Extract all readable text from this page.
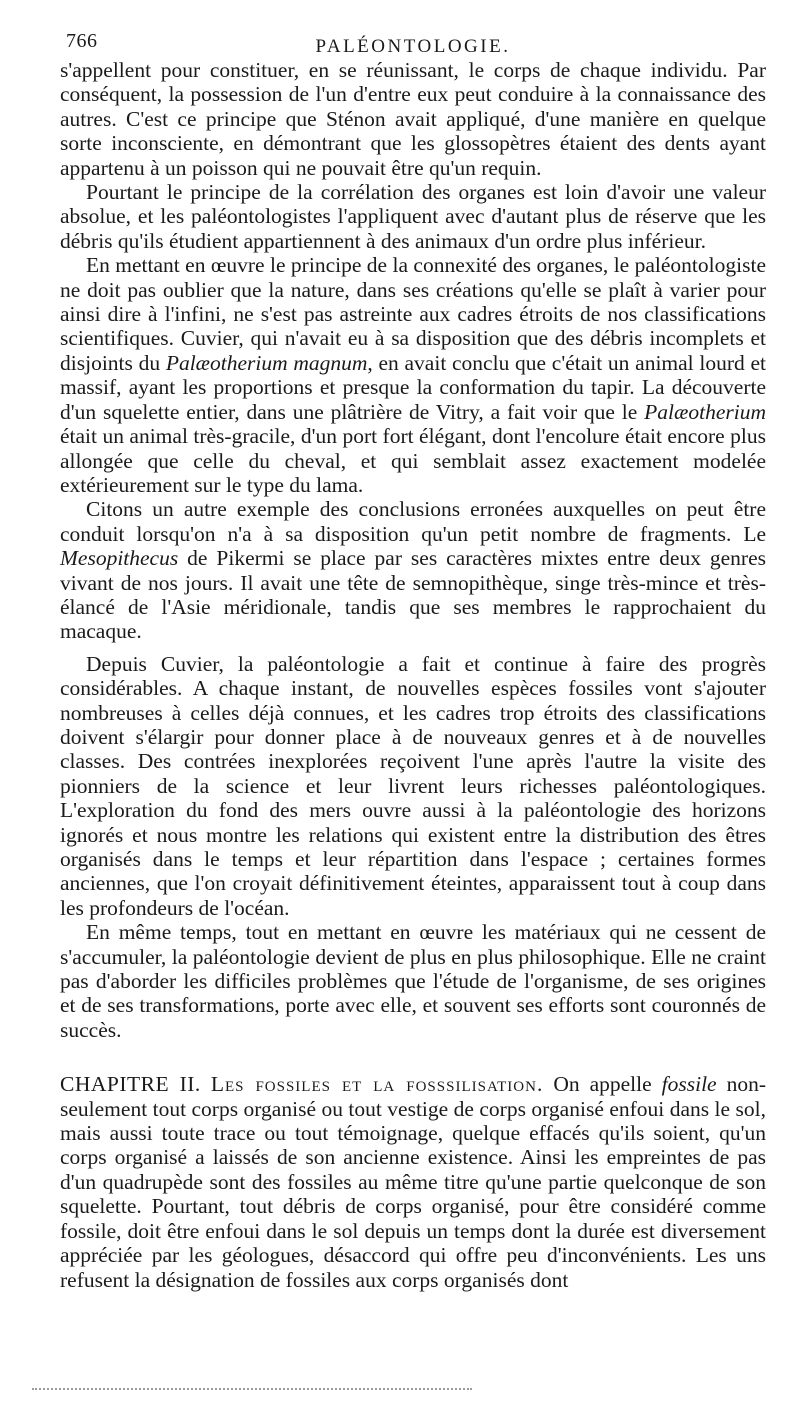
766	PALÉONTOLOGIE.

s'appellent pour constituer, en se réunissant, le corps de chaque individu. Par conséquent, la possession de l'un d'entre eux peut conduire à la connaissance des autres. C'est ce principe que Sténon avait appliqué, d'une manière en quelque sorte inconsciente, en démontrant que les glossopètres étaient des dents ayant appartenu à un poisson qui ne pouvait être qu'un requin.

Pourtant le principe de la corrélation des organes est loin d'avoir une valeur absolue, et les paléontologistes l'appliquent avec d'autant plus de réserve que les débris qu'ils étudient appartiennent à des animaux d'un ordre plus inférieur.

En mettant en œuvre le principe de la connexité des organes, le paléontologiste ne doit pas oublier que la nature, dans ses créations qu'elle se plaît à varier pour ainsi dire à l'infini, ne s'est pas astreinte aux cadres étroits de nos classifications scientifiques. Cuvier, qui n'avait eu à sa disposition que des débris incomplets et disjoints du Palæotherium magnum, en avait conclu que c'était un animal lourd et massif, ayant les proportions et presque la conformation du tapir. La découverte d'un squelette entier, dans une plâtrière de Vitry, a fait voir que le Palæotherium était un animal très-gracile, d'un port fort élégant, dont l'encolure était encore plus allongée que celle du cheval, et qui semblait assez exactement modelée extérieurement sur le type du lama.

Citons un autre exemple des conclusions erronées auxquelles on peut être conduit lorsqu'on n'a à sa disposition qu'un petit nombre de fragments. Le Mesopithecus de Pikermi se place par ses caractères mixtes entre deux genres vivant de nos jours. Il avait une tête de semnopithèque, singe très-mince et très-élancé de l'Asie méridionale, tandis que ses membres le rapprochaient du macaque.

Depuis Cuvier, la paléontologie a fait et continue à faire des progrès considérables. A chaque instant, de nouvelles espèces fossiles vont s'ajouter nombreuses à celles déjà connues, et les cadres trop étroits des classifications doivent s'élargir pour donner place à de nouveaux genres et à de nouvelles classes. Des contrées inexplorées reçoivent l'une après l'autre la visite des pionniers de la science et leur livrent leurs richesses paléontologiques. L'exploration du fond des mers ouvre aussi à la paléontologie des horizons ignorés et nous montre les relations qui existent entre la distribution des êtres organisés dans le temps et leur répartition dans l'espace ; certaines formes anciennes, que l'on croyait définitivement éteintes, apparaissent tout à coup dans les profondeurs de l'océan.

En même temps, tout en mettant en œuvre les matériaux qui ne cessent de s'accumuler, la paléontologie devient de plus en plus philosophique. Elle ne craint pas d'aborder les difficiles problèmes que l'étude de l'organisme, de ses origines et de ses transformations, porte avec elle, et souvent ses efforts sont couronnés de succès.

CHAPITRE II. Les fossiles et la fosssilisation. On appelle fossile non-seulement tout corps organisé ou tout vestige de corps organisé enfoui dans le sol, mais aussi toute trace ou tout témoignage, quelque effacés qu'ils soient, qu'un corps organisé a laissés de son ancienne existence. Ainsi les empreintes de pas d'un quadrupède sont des fossiles au même titre qu'une partie quelconque de son squelette. Pourtant, tout débris de corps organisé, pour être considéré comme fossile, doit être enfoui dans le sol depuis un temps dont la durée est diversement appréciée par les géologues, désaccord qui offre peu d'inconvénients. Les uns refusent la désignation de fossiles aux corps organisés dont
